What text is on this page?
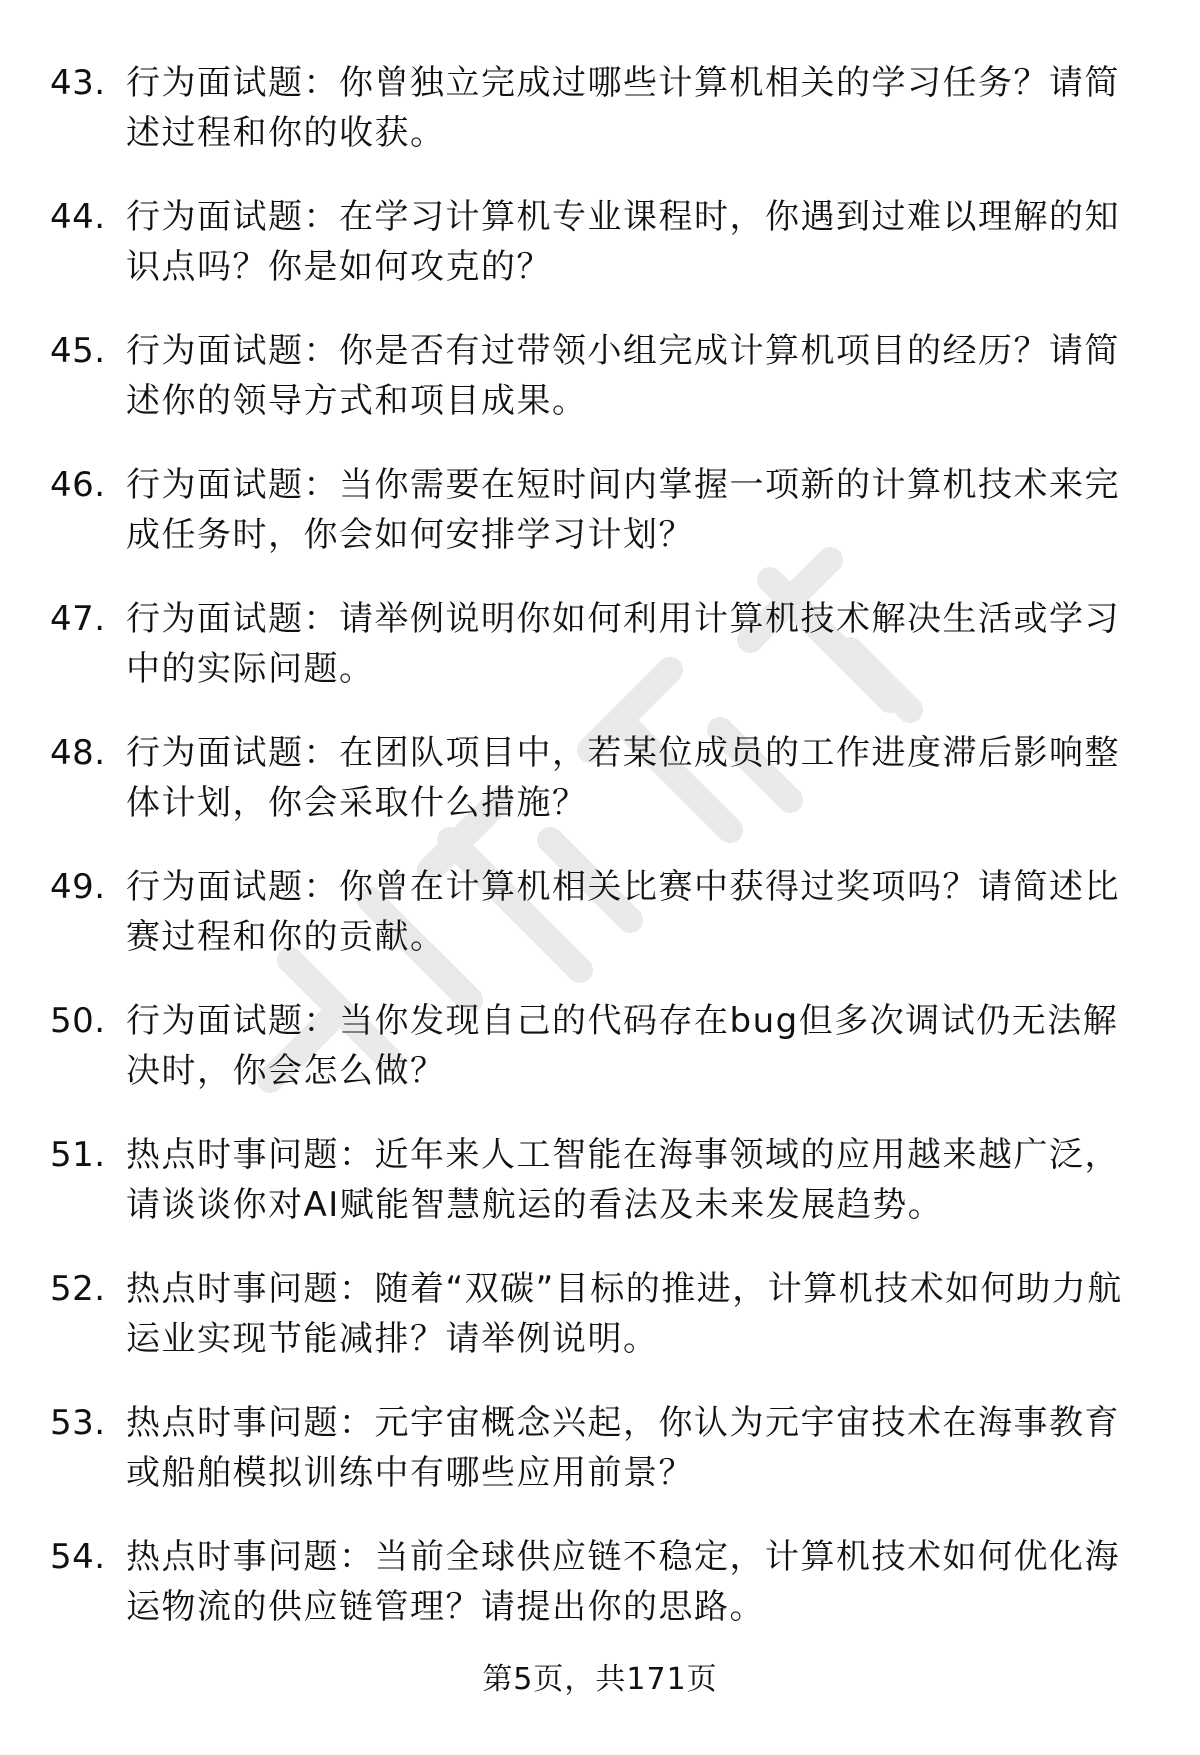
43. 行为面试题：你曾独立完成过哪些计算机相关的学习任务？请简述过程和你的收获。
44. 行为面试题：在学习计算机专业课程时，你遇到过难以理解的知识点吗？你是如何攻克的？
45. 行为面试题：你是否有过带领小组完成计算机项目的经历？请简述你的领导方式和项目成果。
46. 行为面试题：当你需要在短时间内掌握一项新的计算机技术来完成任务时，你会如何安排学习计划？
47. 行为面试题：请举例说明你如何利用计算机技术解决生活或学习中的实际问题。
48. 行为面试题：在团队项目中，若某位成员的工作进度滞后影响整体计划，你会采取什么措施？
49. 行为面试题：你曾在计算机相关比赛中获得过奖项吗？请简述比赛过程和你的贡献。
50. 行为面试题：当你发现自己的代码存在bug但多次调试仍无法解决时，你会怎么做？
51. 热点时事问题：近年来人工智能在海事领域的应用越来越广泛，请谈谈你对AI赋能智慧航运的看法及未来发展趋势。
52. 热点时事问题：随着“双碳”目标的推进，计算机技术如何助力航运业实现节能减排？请举例说明。
53. 热点时事问题：元宇宙概念兴起，你认为元宇宙技术在海事教育或船舶模拟训练中有哪些应用前景？
54. 热点时事问题：当前全球供应链不稳定，计算机技术如何优化海运物流的供应链管理？请提出你的思路。
第5页，共171页
